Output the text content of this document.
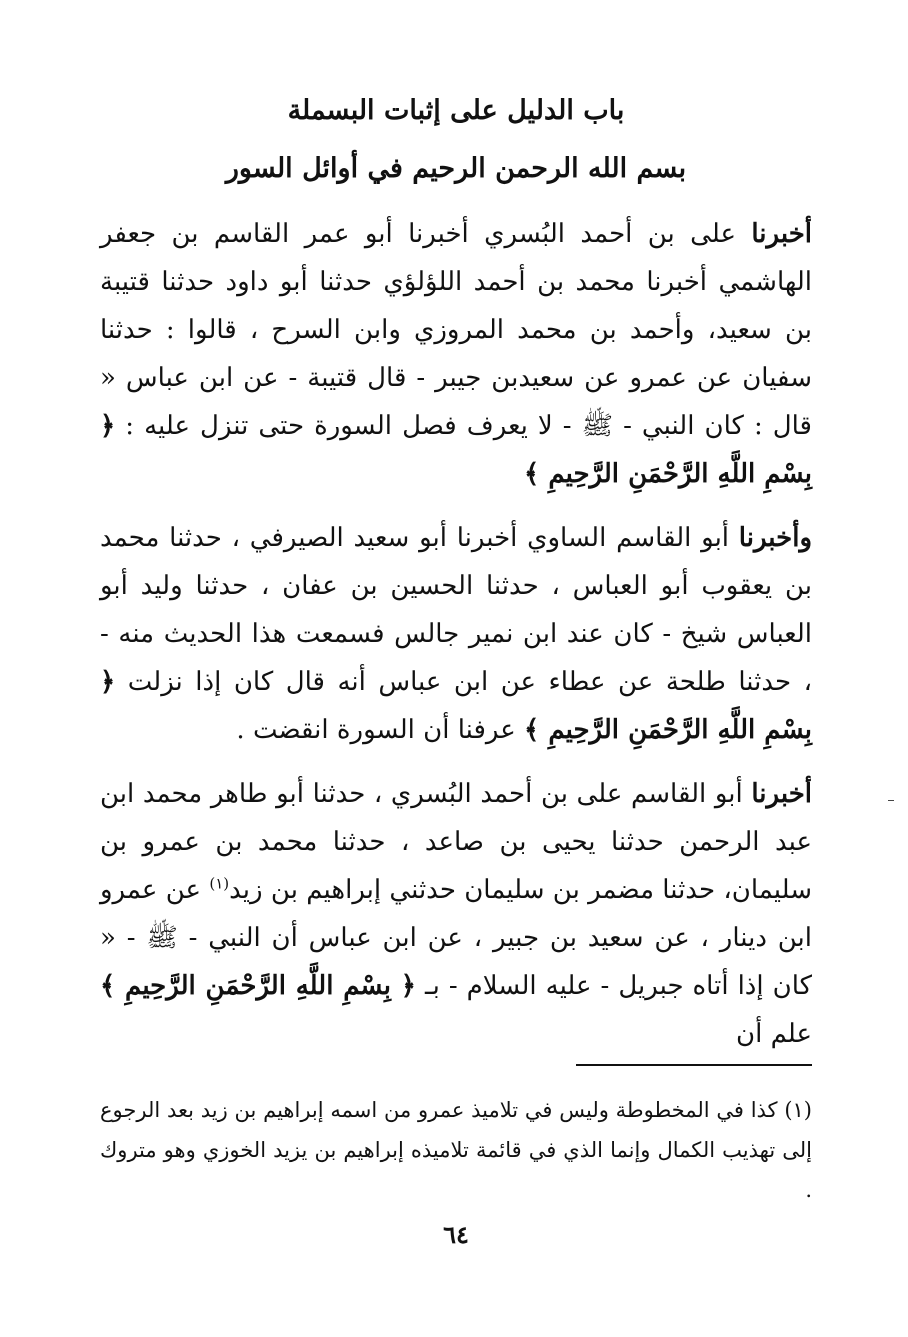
باب الدليل على إثبات البسملة
بسم الله الرحمن الرحيم في أوائل السور

أخبرنا على بن أحمد البُسري أخبرنا أبو عمر القاسم بن جعفر الهاشمي أخبرنا محمد بن أحمد اللؤلؤي حدثنا أبو داود حدثنا قتيبة بن سعيد، وأحمد بن محمد المروزي وابن السرح ، قالوا : حدثنا سفيان عن عمرو عن سعيدبن جيبر - قال قتيبة - عن ابن عباس « قال : كان النبي - ﷺ - لا يعرف فصل السورة حتى تنزل عليه : ﴿ بِسْمِ اللَّهِ الرَّحْمَنِ الرَّحِيمِ ﴾

وأخبرنا أبو القاسم الساوي أخبرنا أبو سعيد الصيرفي ، حدثنا محمد بن يعقوب أبو العباس ، حدثنا الحسين بن عفان ، حدثنا وليد أبو العباس شيخ - كان عند ابن نمير جالس فسمعت هذا الحديث منه - ، حدثنا طلحة عن عطاء عن ابن عباس أنه قال كان إذا نزلت ﴿ بِسْمِ اللَّهِ الرَّحْمَنِ الرَّحِيمِ ﴾ عرفنا أن السورة انقضت .

أخبرنا أبو القاسم على بن أحمد البُسري ، حدثنا أبو طاهر محمد ابن عبد الرحمن حدثنا يحيى بن صاعد ، حدثنا محمد بن عمرو بن سليمان، حدثنا مضمر بن سليمان حدثني إبراهيم بن زيد$^{(١)}$ عن عمرو ابن دينار ، عن سعيد بن جبير ، عن ابن عباس أن النبي - ﷺ - « كان إذا أتاه جبريل - عليه السلام - بـ ﴿ بِسْمِ اللَّهِ الرَّحْمَنِ الرَّحِيمِ ﴾علم أن

(١) كذا في المخطوطة وليس في تلاميذ عمرو من اسمه إبراهيم بن زيد بعد الرجوع إلى تهذيب الكمال وإنما الذي في قائمة تلاميذه إبراهيم بن يزيد الخوزي وهو متروك .

٦٤
